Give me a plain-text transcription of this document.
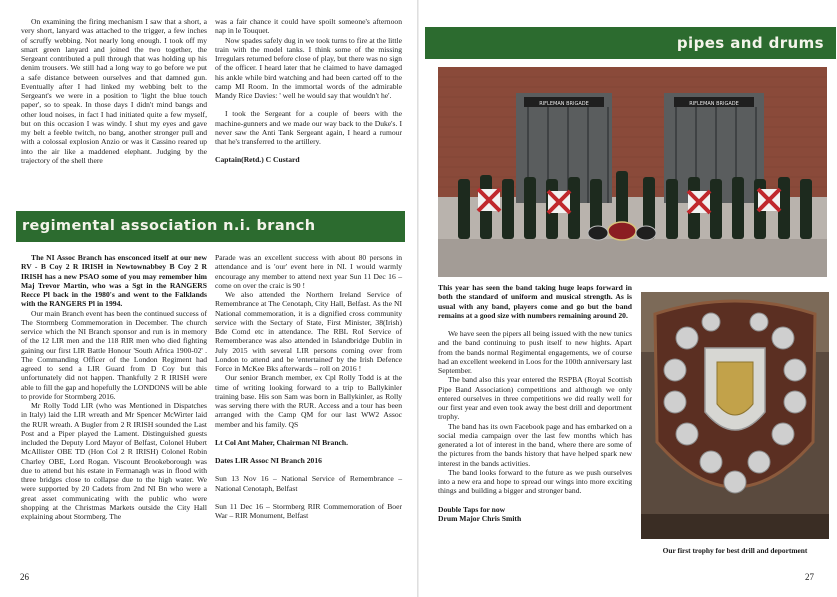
On examining the firing mechanism I saw that a short, a very short, lanyard was attached to the trigger, a few inches of scruffy webbing. Not nearly long enough. I took off my smart green lanyard and joined the two together, the Sergeant contributed a pull through that was holding up his denim trousers. We still had a long way to go before we put a safe distance between ourselves and that damned gun. Eventually after I had linked my webbing belt to the Sergeant's we were in a position to 'light the blue touch paper', so to speak. In those days I didn't mind bangs and other loud noises, in fact I had initiated quite a few myself, but on this occasion I was windy. I shut my eyes and gave my belt a feeble twitch, no bang, another stronger pull and with a colossal explosion Anzio or was it Cassino reared up into the air like a maddened elephant. Judging by the trajectory of the shell there

was a fair chance it could have spoilt someone's afternoon nap in le Touquet.

Now spades safely dug in we took turns to fire at the little train with the model tanks. I think some of the missing Irregulars returned before close of play, but there was no sign of the officer. I heard later that he claimed to have damaged his ankle while bird watching and had been carted off to the camp MI Room. In the immortal words of the admirable Mandy Rice Davies: ' well he would say that wouldn't he'.

I took the Sergeant for a couple of beers with the machine-gunners and we made our way back to the Duke's. I never saw the Anti Tank Sergeant again, I heard a rumour that he's transferred to the artillery.

Captain(Retd.) C Custard

regimental association n.i. branch

The NI Assoc Branch has ensconced itself at our new RV - B Coy 2 R IRISH in Newtownabbey B Coy 2 R IRISH has a new PSAO some of you may remember him Maj Trevor Martin, who was a Sgt in the RANGERS Recce Pl back in the 1980's and went to the Falklands with the RANGERS Pl in 1994.

Our main Branch event has been the continued success of The Stormberg Commemoration in December. The church service which the NI Branch sponsor and run is in memory of the 12 LIR men and the 118 RIR men who died fighting gaining our first LIR Battle Honour 'South Africa 1900-02' . The Commanding Officer of the London Regiment had agreed to send a LIR Guard from D Coy but this unfortunately did not happen. Thankfully 2 R IRISH were able to fill the gap and hopefully the LONDONS will be able to provide for Stormberg 2016.

Mr Rolly Todd LIR (who was Mentioned in Dispatches in Italy) laid the LIR wreath and Mr Spencer McWirter laid the RUR wreath. A Bugler from 2 R IRISH sounded the Last Post and a Piper played the Lament. Distinguished guests included the Deputy Lord Mayor of Belfast, Colonel Hubert McAllister OBE TD (Hon Col 2 R IRISH) Colonel Robin Charley OBE, Lord Rogan. Viscount Brookeborough was due to attend but his estate in Fermanagh was in flood with three bridges close to collapse due to the high water. We were supported by 20 Cadets from 2nd NI Bn who were a great asset communicating with the public who were shopping at the Christmas Markets outside the City Hall explaining about Stormberg. The

Parade was an excellent success with about 80 persons in attendance and is 'our' event here in NI. I would warmly encourage any member to attend next year Sun 11 Dec 16 – come on over the craic is 90 !

We also attended the Northern Ireland Service of Remembrance at The Cenotaph, City Hall, Belfast. As the NI National commemoration, it is a dignified cross community service with the Sectary of State, First Minister, 38(Irish) Bde Comd etc in attendance. The RBL RoI Service of Rememberance was also attended in Islandbridge Dublin in July 2015 with several LIR persons coming over from London to attend and be 'entertained' by the Irish Defence Force in McKee Bks afterwards – roll on 2016 !

Our senior Branch member, ex Cpl Rolly Todd is at the time of writing looking forward to a trip to Ballykinler training base. His son Sam was born in Ballykinler, as Rolly was serving there with the RUR. Access and a tour has been arranged with the Camp QM for our last WW2 Assoc member and his family. QS

Lt Col Ant Maher, Chairman NI Branch.

Dates LIR Assoc NI Branch 2016

Sun 13 Nov 16 – National Service of Remembrance – National Cenotaph, Belfast

Sun 11 Dec 16 – Stormberg RIR Commemoration of Boer War – RIR Monument, Belfast

26
pipes and drums
RIFLEMAN BRIGADE	RIFLEMAN BRIGADE

This year has seen the band taking huge leaps forward in both the standard of uniform and musical strength. As is usual with any band, players come and go but the band remains at a good size with numbers remaining around 20.

We have seen the pipers all being issued with the new tunics and the band continuing to push itself to new hights. Apart from the bands normal Regimental engagements, we of course had an excellent weekend in Loos for the 100th anniversary last September.

The band also this year entered the RSPBA (Royal Scottish Pipe Band Association) competitions and although we only entered ourselves in three competitions we did really well for our first year and even took away the best drill and deportment trophy.

The band has its own Facebook page and has embarked on a social media campaign over the last few months which has generated a lot of interest in the band, where there are some of the pictures from the bands history that have helped spark new interest in the bands activities.

The band looks forward to the future as we push ourselves into a new era and hope to spread our wings into more exciting things and building a bigger and stronger band.

Double Taps for now

Drum Major Chris Smith

Our first trophy for best drill and deportment
27
